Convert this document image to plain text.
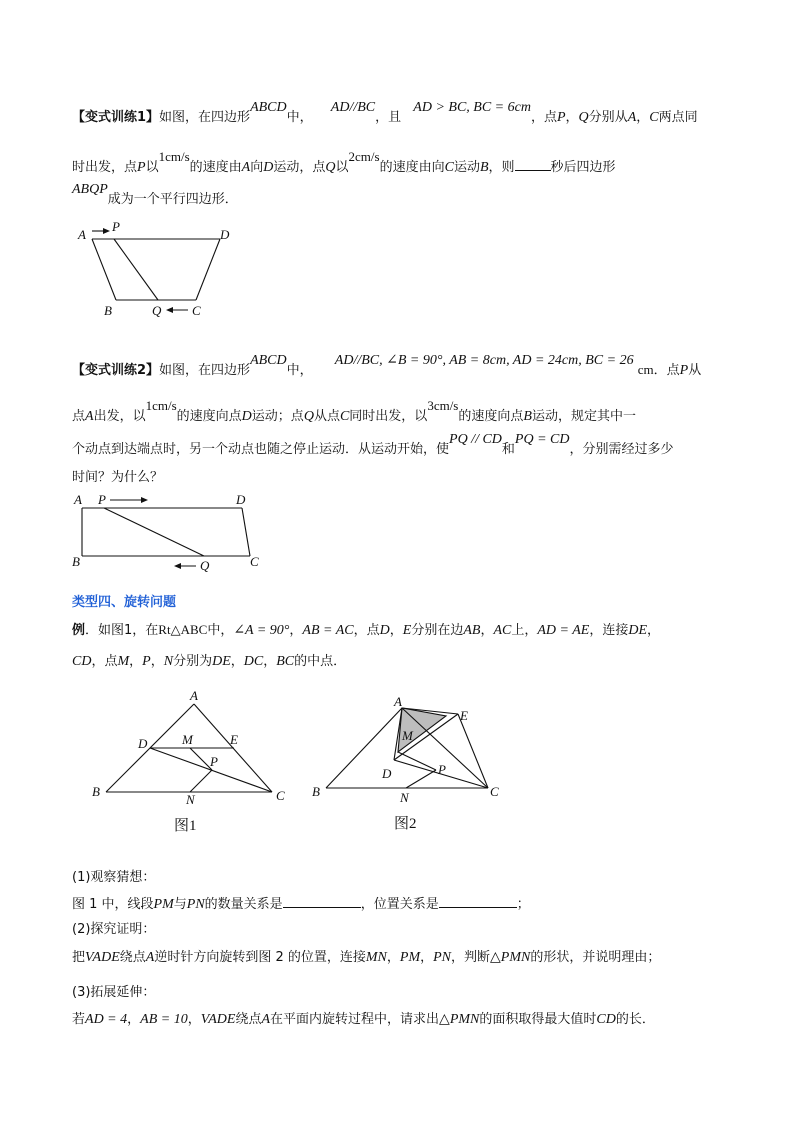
【变式训练1】如图，在四边形ABCD中， AD//BC，且 AD > BC, BC = 6cm，点P，Q分别从A，C两点同
时出发，点P以1cm/s的速度由A向D运动，点Q以2cm/s的速度由向C运动B，则	秒后四边形
ABQP成为一个平行四边形．
A
P
D
B	Q C
【变式训练2】如图，在四边形ABCD中， AD//BC, ∠B = 90°, AB = 8cm, AD = 24cm, BC = 26 cm．点P从
点A出发，以1cm/s的速度向点D运动；点Q从点C同时出发，以3cm/s的速度向点B运动，规定其中一
个动点到达端点时，另一个动点也随之停止运动．从运动开始，使PQ // CD和PQ = CD，分别需经过多少
时间？为什么？
A P	D
B	Q	C
类型四、旋转问题
例．如图1，在Rt△ABC中，∠A = 90°，AB = AC，点D，E分别在边AB，AC上，AD = AE，连接DE，
CD，点M，P，N分别为DE，DC，BC的中点．
A
D	M	E
P
B
N	C
图1
A
E
M
D	P
B	N	C
图2
(1)观察猜想：
图 1 中，线段PM与PN的数量关系是	，位置关系是	；
(2)探究证明：
把VADE绕点A逆时针方向旋转到图 2 的位置，连接MN，PM，PN，判断△PMN的形状，并说明理由；
(3)拓展延伸：
若AD = 4，AB = 10，VADE绕点A在平面内旋转过程中，请求出△PMN的面积取得最大值时CD的长．
